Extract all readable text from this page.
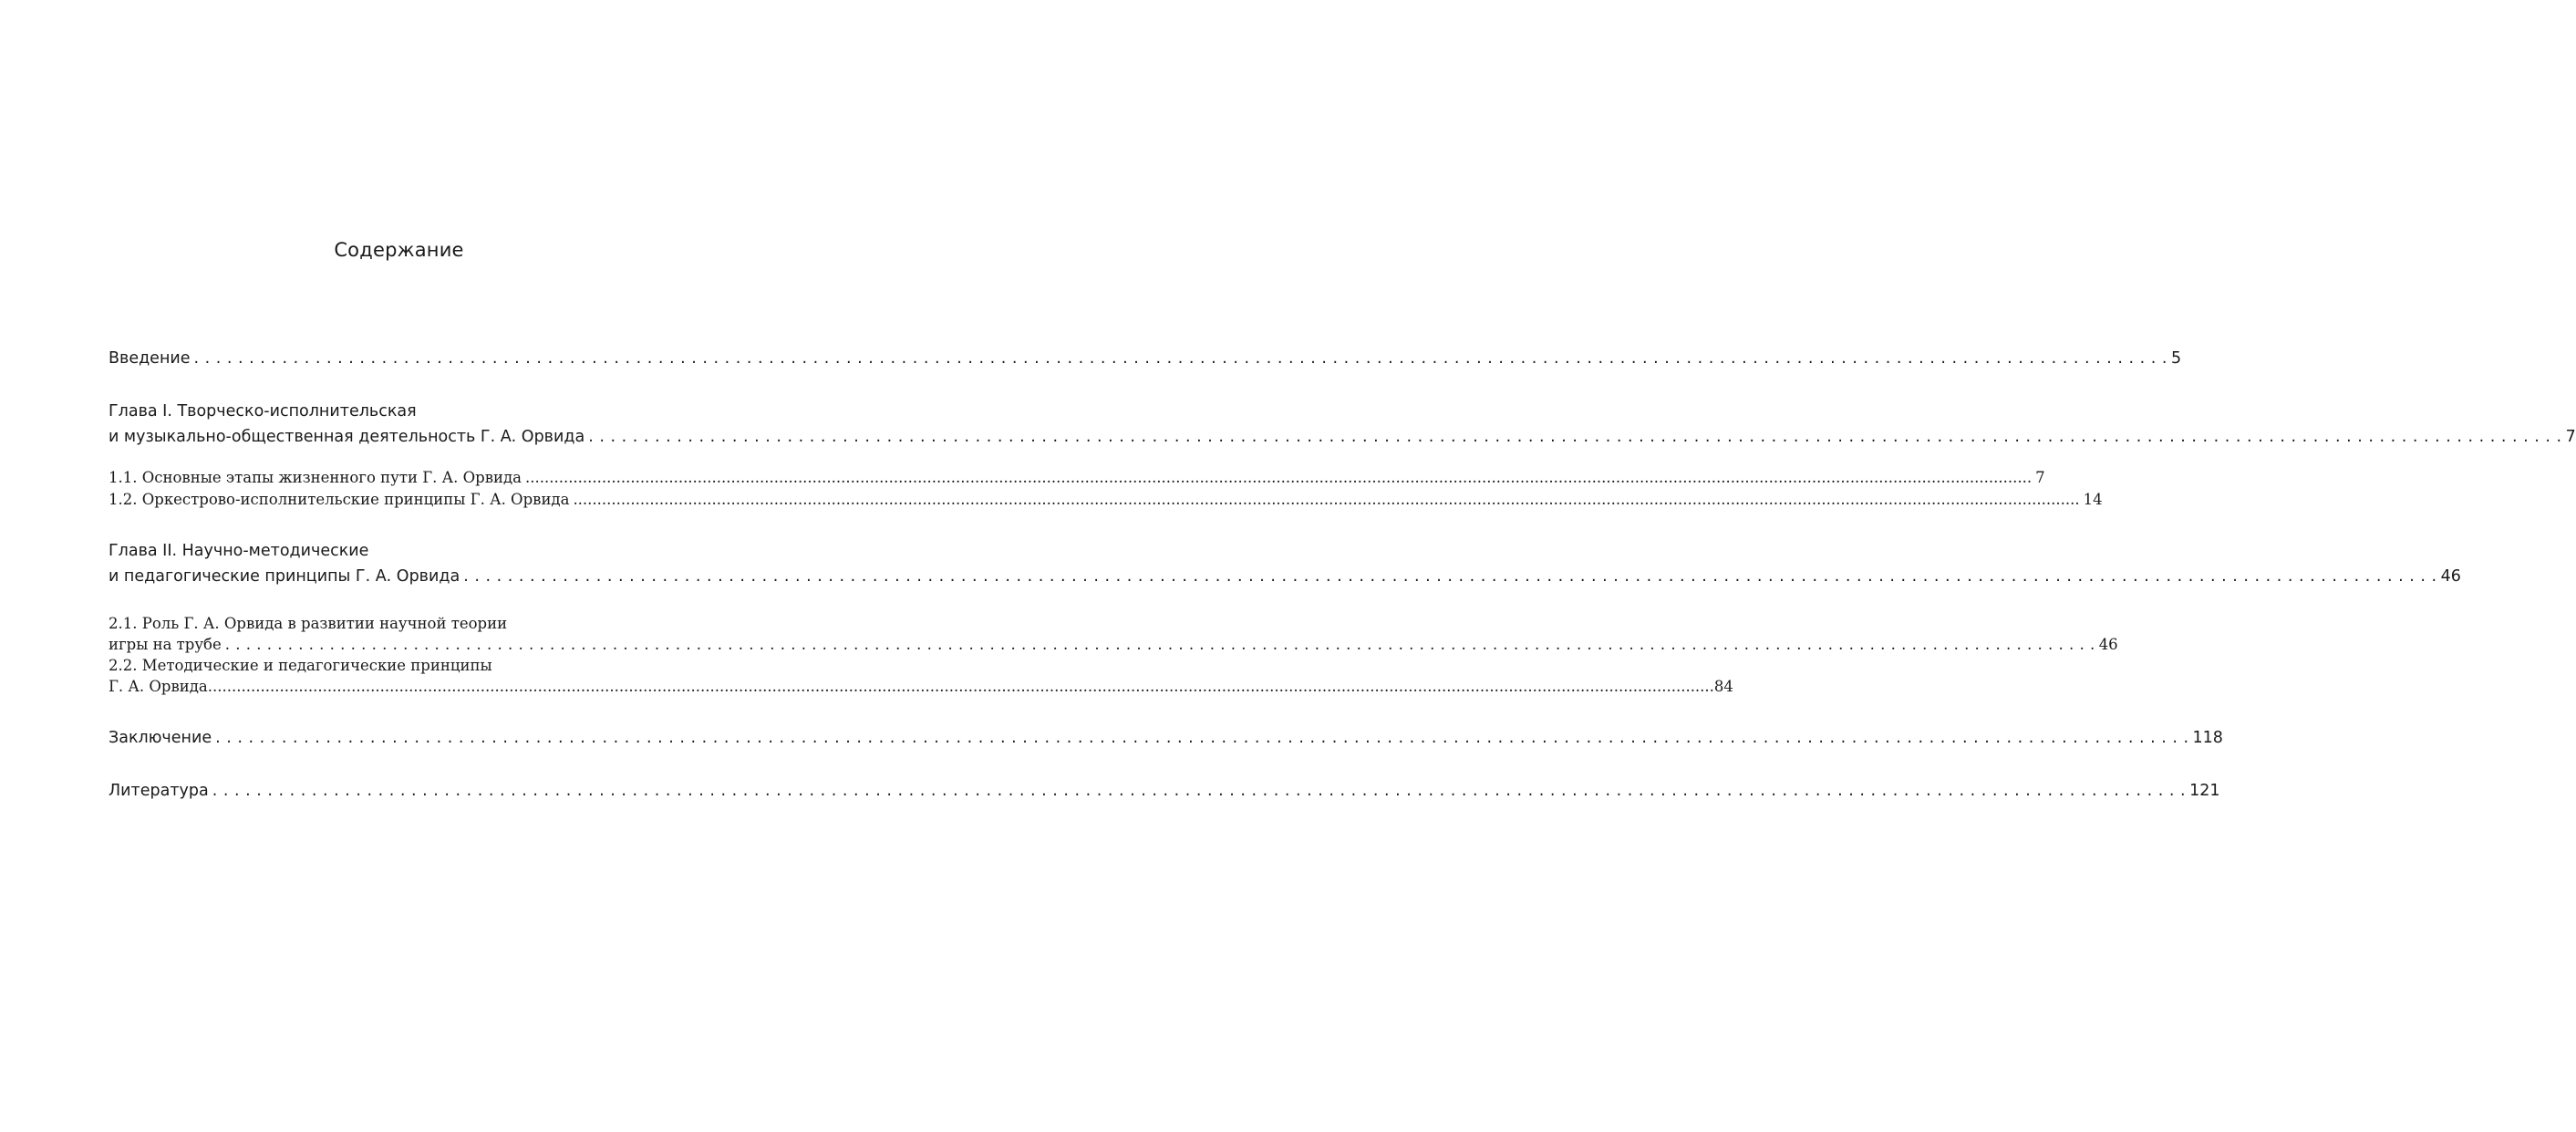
Содержание
Введение . . .	5
Глава I. Творческо-исполнительская
и музыкально-общественная деятельность Г. А. Орвида . . .	7
1.1. Основные этапы жизненного пути Г. А. Орвида .....	7
1.2. Оркестрово-исполнительские принципы Г. А. Орвида .....	14
Глава II. Научно-методические
и педагогические принципы Г. А. Орвида . . .	46
2.1. Роль Г. А. Орвида в развитии научной теории
игры на трубе . . .	46
2.2. Методические и педагогические принципы
Г. А. Орвида .....	84
Заключение . . .	118
Литература . . .	121
